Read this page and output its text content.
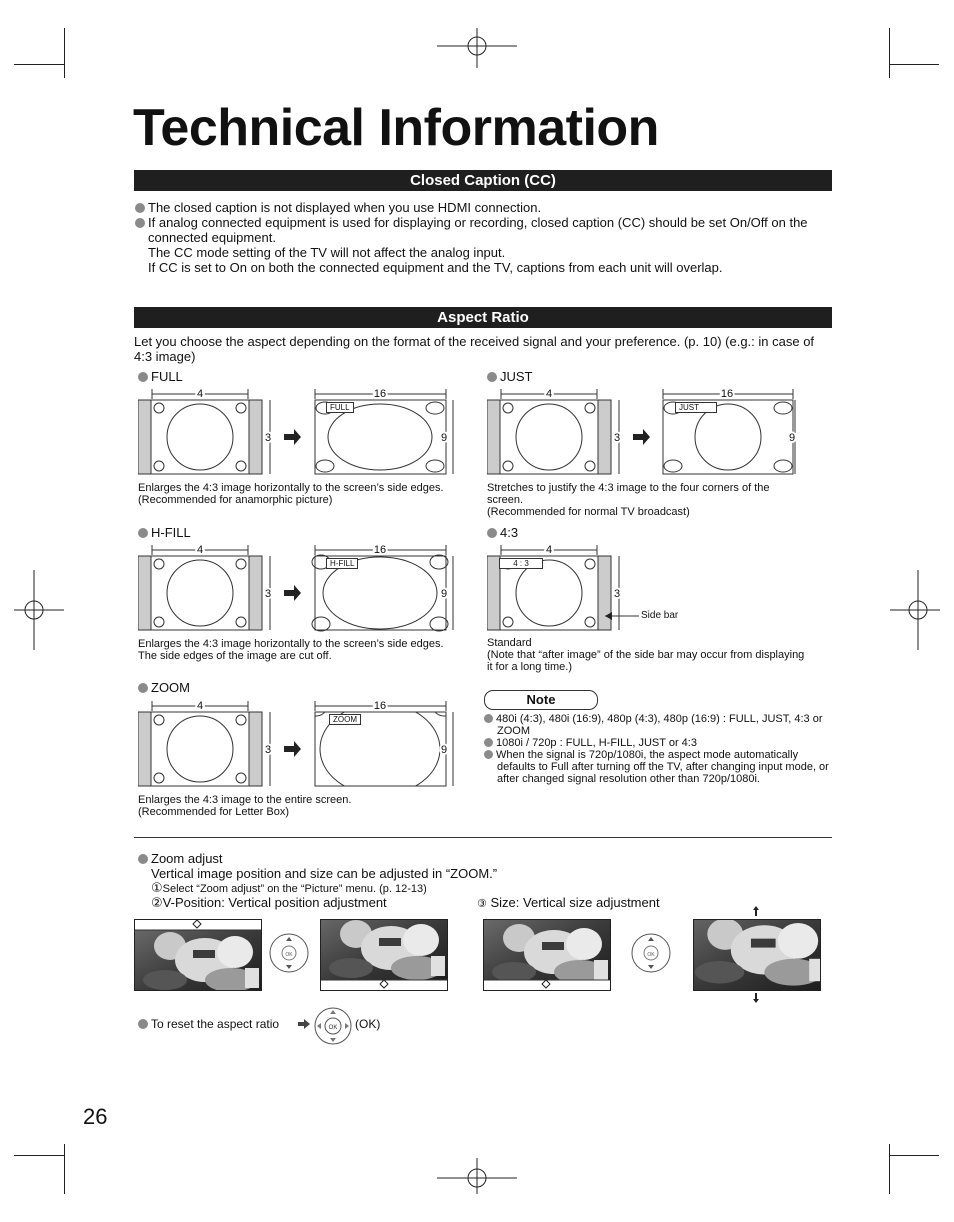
Technical Information
Closed Caption (CC)
The closed caption is not displayed when you use HDMI connection.
If analog connected equipment is used for displaying or recording, closed caption (CC) should be set On/Off on the connected equipment.
The CC mode setting of the TV will not affect the analog input.
If CC is set to On on both the connected equipment and the TV, captions from each unit will overlap.
Aspect Ratio
Let you choose the aspect depending on the format of the received signal and your preference. (p. 10) (e.g.: in case of 4:3 image)
FULL
4
3
16
9
FULL
Enlarges the 4:3 image horizontally to the screen’s side edges.
(Recommended for anamorphic picture)
JUST
4
3
16
9
JUST
Stretches to justify the 4:3 image to the four corners of the screen.
(Recommended for normal TV broadcast)
H-FILL
4
3
16
9
H-FILL
Enlarges the 4:3 image horizontally to the screen’s side edges.
The side edges of the image are cut off.
4:3
4
3
4 : 3
Side bar
Standard
(Note that “after image” of the side bar may occur from displaying it for a long time.)
ZOOM
4
3
16
9
ZOOM
Enlarges the 4:3 image to the entire screen.
(Recommended for Letter Box)
Note
480i (4:3), 480i (16:9), 480p (4:3), 480p (16:9) : FULL, JUST, 4:3 or ZOOM
1080i / 720p : FULL, H-FILL, JUST or 4:3
When the signal is 720p/1080i, the aspect mode automatically defaults to Full after turning off the TV, after changing input mode, or after changed signal resolution other than 720p/1080i.
Zoom adjust
Vertical image position and size can be adjusted in “ZOOM.”
①Select “Zoom adjust” on the “Picture” menu. (p. 12-13)
②V-Position: Vertical position adjustment	③ Size: Vertical size adjustment
OK	OK
To reset the aspect ratio	OK (OK)
26
